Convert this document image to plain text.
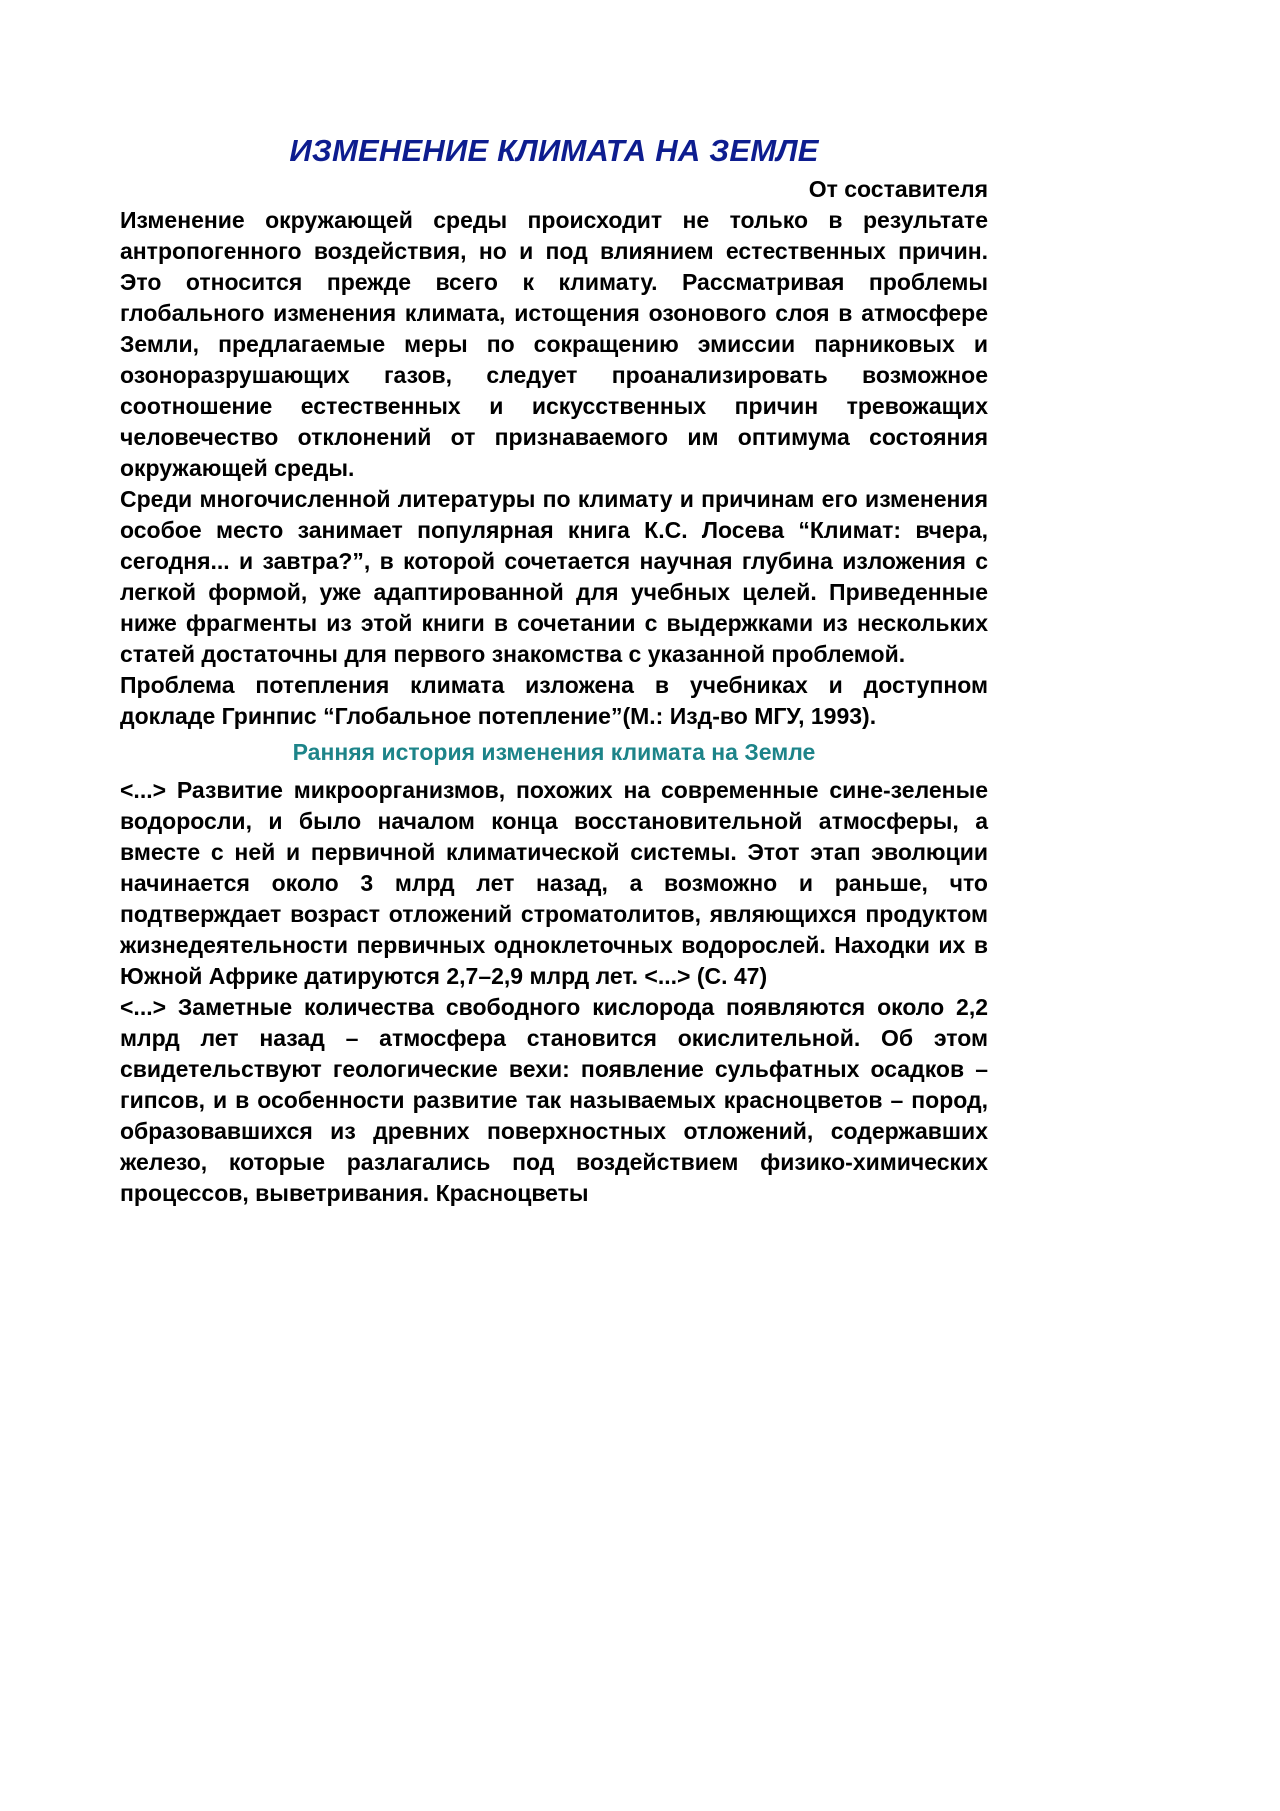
ИЗМЕНЕНИЕ КЛИМАТА НА ЗЕМЛЕ

От составителя

Изменение окружающей среды происходит не только в результате антропогенного воздействия, но и под влиянием естественных причин. Это относится прежде всего к климату. Рассматривая проблемы глобального изменения климата, истощения озонового слоя в атмосфере Земли, предлагаемые меры по сокращению эмиссии парниковых и озоноразрушающих газов, следует проанализировать возможное соотношение естественных и искусственных причин тревожащих человечество отклонений от признаваемого им оптимума состояния окружающей среды.

Среди многочисленной литературы по климату и причинам его изменения особое место занимает популярная книга К.С. Лосева “Климат: вчера, сегодня... и завтра?”, в которой сочетается научная глубина изложения с легкой формой, уже адаптированной для учебных целей. Приведенные ниже фрагменты из этой книги в сочетании с выдержками из нескольких статей достаточны для первого знакомства с указанной проблемой.

Проблема потепления климата изложена в учебниках и доступном докладе Гринпис “Глобальное потепление”(М.: Изд-во МГУ, 1993).

Ранняя история изменения климата на Земле

<...> Развитие микроорганизмов, похожих на современные сине-зеленые водоросли, и было началом конца восстановительной атмосферы, а вместе с ней и первичной климатической системы. Этот этап эволюции начинается около 3 млрд лет назад, а возможно и раньше, что подтверждает возраст отложений строматолитов, являющихся продуктом жизнедеятельности первичных одноклеточных водорослей. Находки их в Южной Африке датируются 2,7–2,9 млрд лет. <...> (С. 47)

<...> Заметные количества свободного кислорода появляются около 2,2 млрд лет назад – атмосфера становится окислительной. Об этом свидетельствуют геологические вехи: появление сульфатных осадков – гипсов, и в особенности развитие так называемых красноцветов – пород, образовавшихся из древних поверхностных отложений, содержавших железо, которые разлагались под воздействием физико-химических процессов, выветривания. Красноцветы
